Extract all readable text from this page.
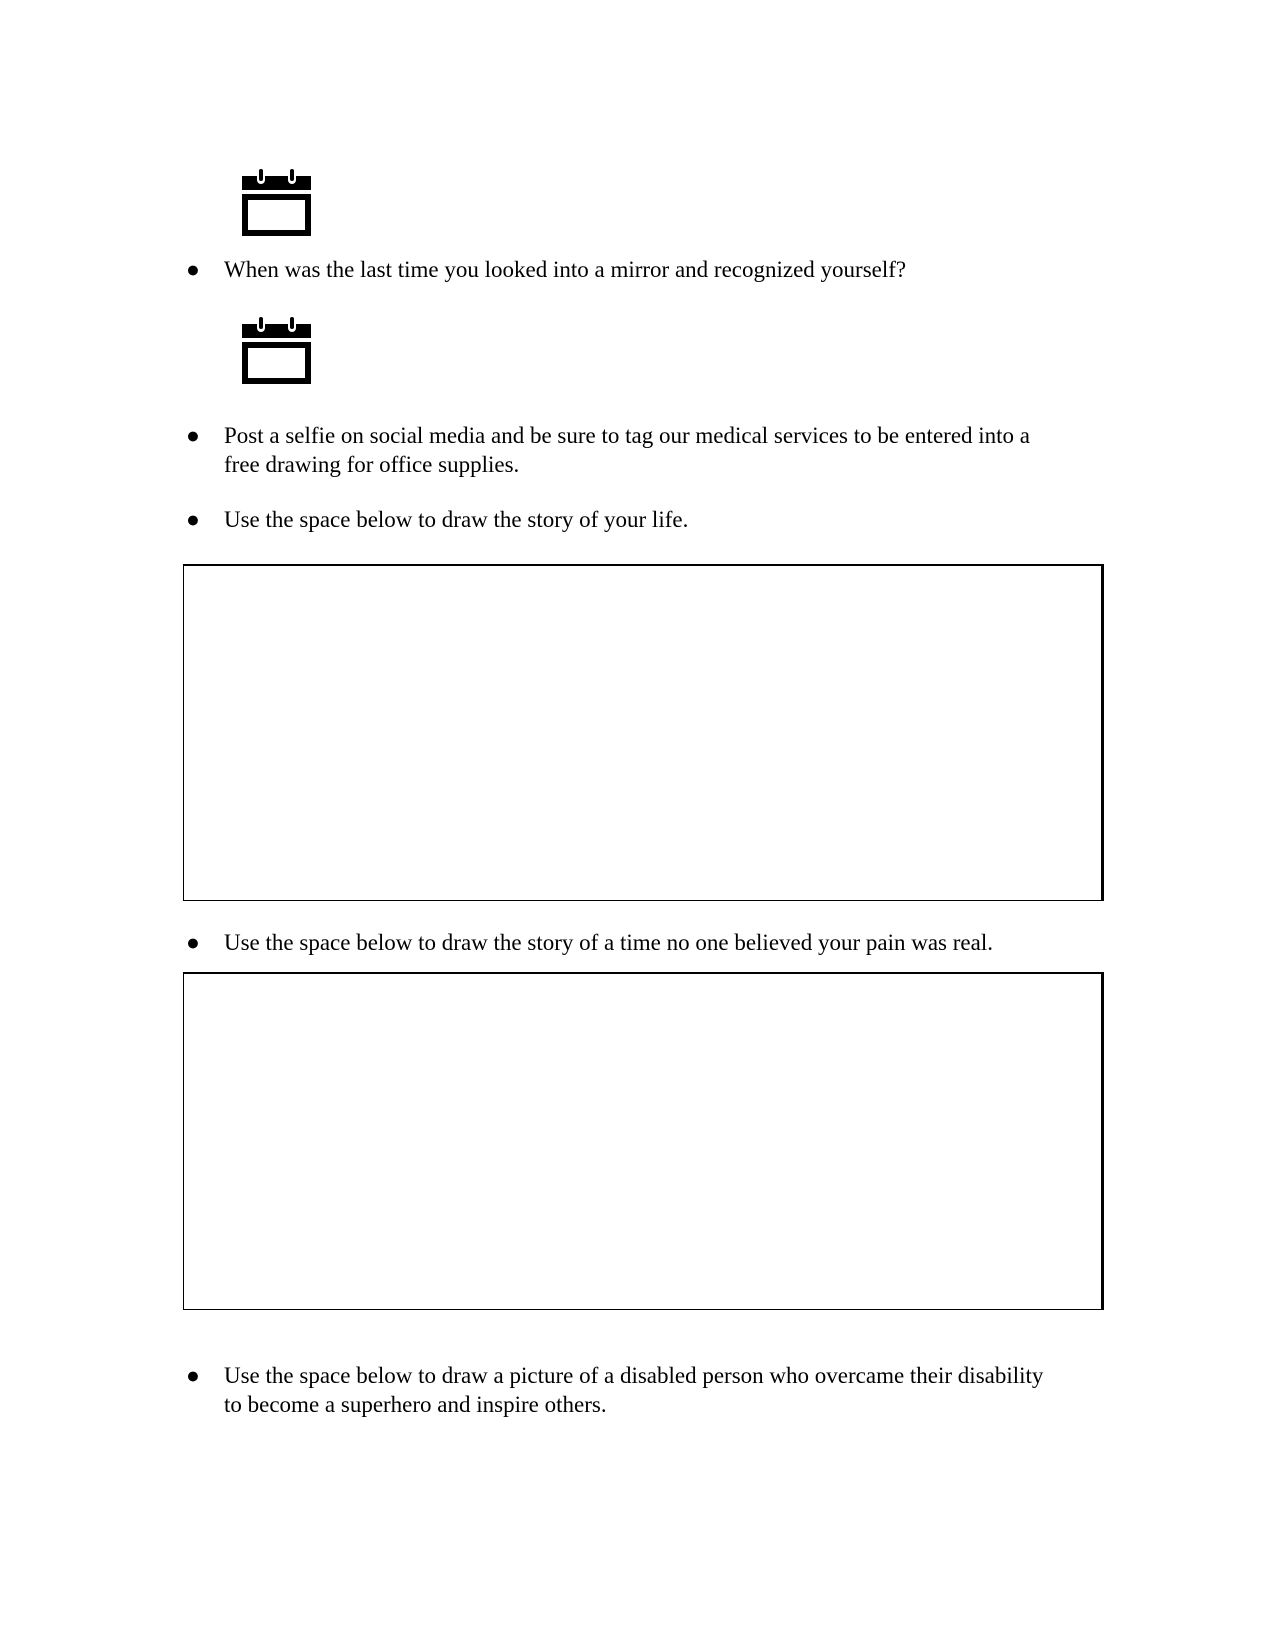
● When was the last time you looked into a mirror and recognized yourself?
● Post a selfie on social media and be sure to tag our medical services to be entered into a
free drawing for office supplies.
● Use the space below to draw the story of your life.
● Use the space below to draw the story of a time no one believed your pain was real.
● Use the space below to draw a picture of a disabled person who overcame their disability
to become a superhero and inspire others.
